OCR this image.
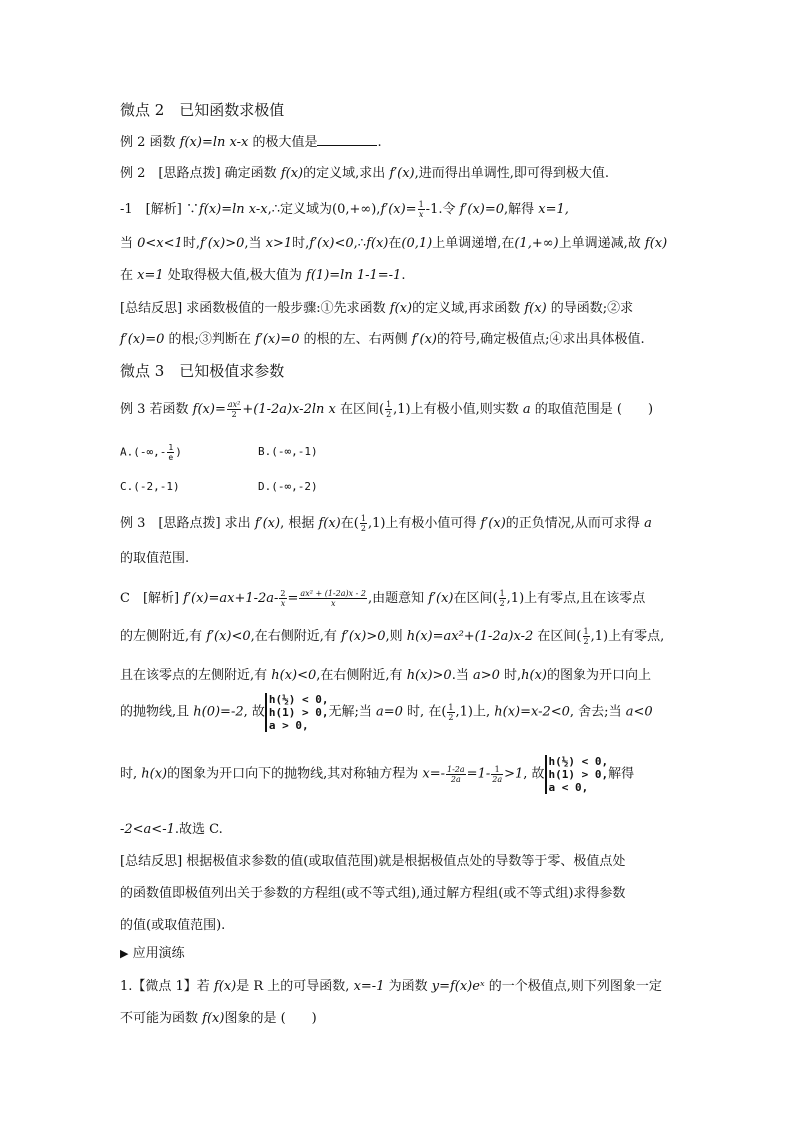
微点 2　已知函数求极值
例 2 函数 f(x)=ln x-x 的极大值是	.
例 2　[思路点拨] 确定函数 f(x)的定义域,求出 f′(x),进而得出单调性,即可得到极大值.
-1　[解析] ∵f(x)=ln x-x,∴定义域为$(0,+\infty),f'(x)= \frac{1}{x} -1$.令 f′(x)=0,解得 x=1,
当 0<x<1时,f′(x)>0,当 x>1时,f′(x)<0,∴f(x)在(0,1)上单调递增,在(1,+∞)上单调递减,故 f(x)
在 x=1 处取得极大值,极大值为 f(1)=ln 1-1=-1.
[总结反思] 求函数极值的一般步骤:①先求函数 f(x)的定义域,再求函数 f(x) 的导函数;②求
f′(x)=0 的根;③判断在 f′(x)=0 的根的左、右两侧 f′(x)的符号,确定极值点;④求出具体极值.
微点 3　已知极值求参数
例 3 若函数 $f(x)= \frac{\text{ax²}}{2} +(1-2a)x-2\ln$ x 在区间( $\frac{1}{2} ,1$)上有极小值,则实数 a 的取值范围是 (　　)
$A.(-\infty,- \frac{1}{e}$ )	B.(-∞,-1)
C.(-2,-1)	D.(-∞,-2)
例 3　[思路点拨] 求出 f′(x), 根据 f(x)在( $\frac{1}{2} ,1$)上有极小值可得 f′(x)的正负情况,从而可求得 a
的取值范围.
C　[解析] $f'(x)=ax+1-2a- \frac{2}{x} = \frac{\text{ax² + (1-2a)x - 2}}{x}$ ,由题意知 f′(x)在区间( $\frac{1}{2} ,1$)上有零点,且在该零点
的左侧附近,有 f′(x)<0,在右侧附近,有 f′(x)>0,则 h(x)=ax²+(1-2a)x-2 在区间( $\frac{1}{2} ,1$)上有零点,
且在该零点的左侧附近,有 h(x)<0,在右侧附近,有 h(x)>0.当 a>0 时,h(x)的图象为开口向上
的抛物线,且 h(0)=-2, 故
h(½) < 0,
h(1) > 0,
a > 0,
无解;当 a=0 时, 在( $\frac{1}{2} ,1$)上, h(x)=x-2<0, 舍去;当 a<0
时, h(x)的图象为开口向下的抛物线,其对称轴方程为 $x=- \frac{1-2a}{2a} =1- \frac{1}{2a} >1$, 故
h(½) < 0,
h(1) > 0,
a < 0,
解得
-2<a<-1.故选 C.
[总结反思] 根据极值求参数的值(或取值范围)就是根据极值点处的导数等于零、极值点处
的函数值即极值列出关于参数的方程组(或不等式组),通过解方程组(或不等式组)求得参数
的值(或取值范围).
▶ 应用演练
1.【微点 1】若 f(x)是 R 上的可导函数, x=-1 为函数 y=f(x)eˣ 的一个极值点,则下列图象一定
不可能为函数 f(x)图象的是 (　　)
